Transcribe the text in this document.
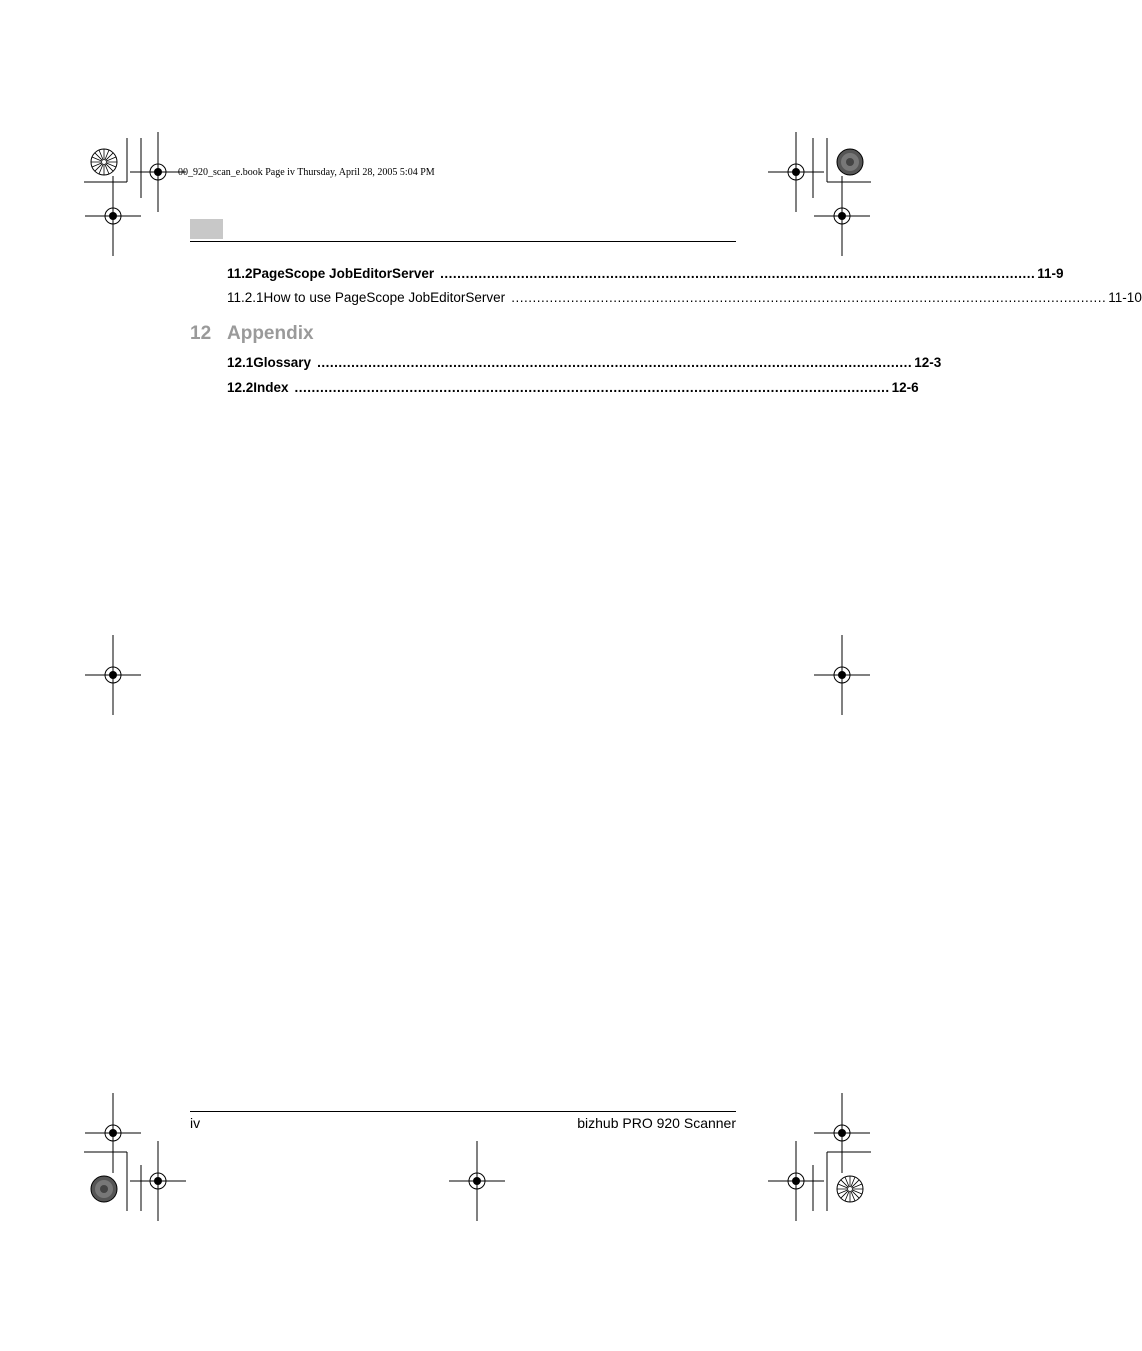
00_920_scan_e.book Page iv Thursday, April 28, 2005 5:04 PM
11.2 PageScope JobEditorServer ............................................................................................................................................ 11-9
11.2.1 How to use PageScope JobEditorServer ............................................................................................................................................ 11-10
12 Appendix
12.1 Glossary ............................................................................................................................................ 12-3
12.2 Index ............................................................................................................................................ 12-6
iv	bizhub PRO 920 Scanner
